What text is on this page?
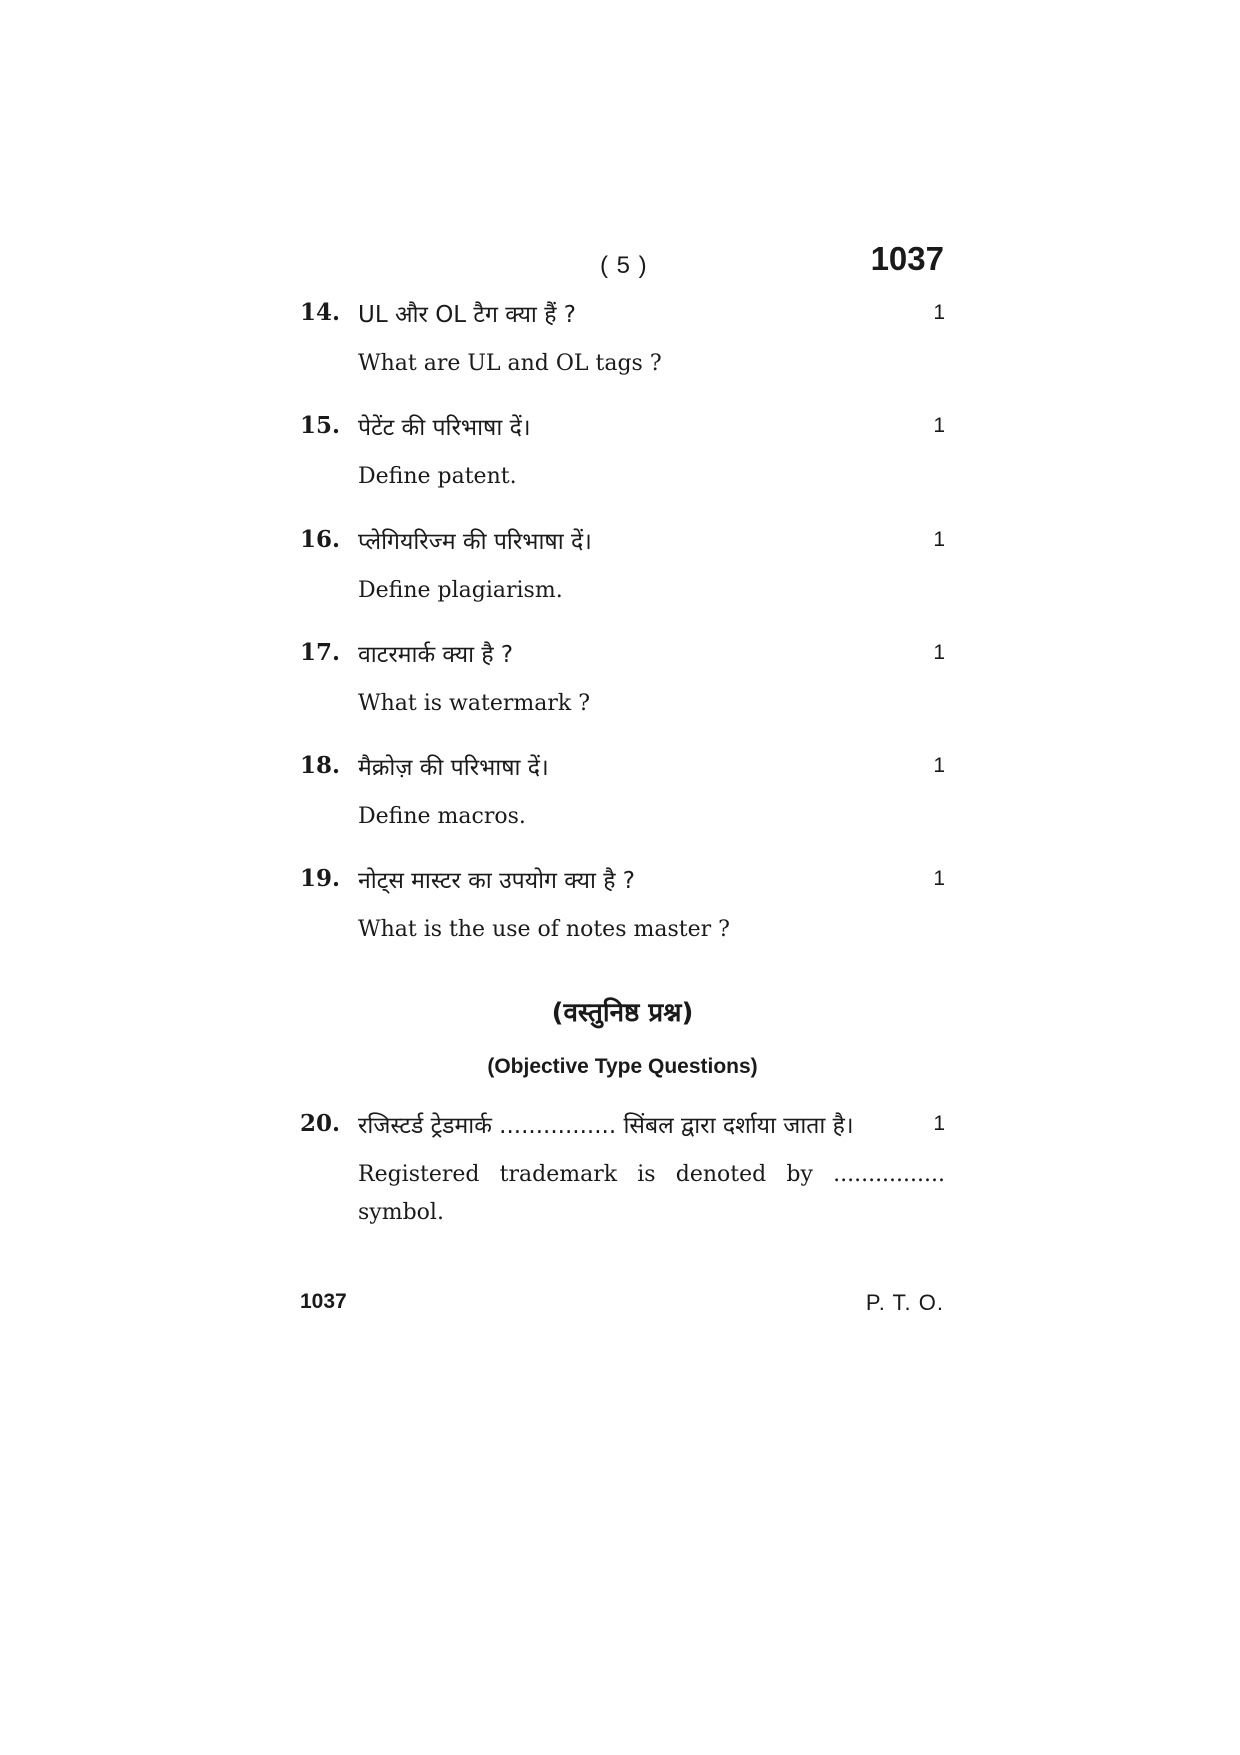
( 5 )	1037
14. UL और OL टैग क्या हैं ?	1
What are UL and OL tags ?
15. पेटेंट की परिभाषा दें।	1
Define patent.
16. प्लेगियरिज्म की परिभाषा दें।	1
Define plagiarism.
17. वाटरमार्क क्या है ?	1
What is watermark ?
18. मैक्रोज़ की परिभाषा दें।	1
Define macros.
19. नोट्स मास्टर का उपयोग क्या है ?	1
What is the use of notes master ?
(वस्तुनिष्ठ प्रश्न)
(Objective Type Questions)
20. रजिस्टर्ड ट्रेडमार्क ................ सिंबल द्वारा दर्शाया जाता है।	1
Registered trademark is denoted by ................ symbol.
1037	P. T. O.
